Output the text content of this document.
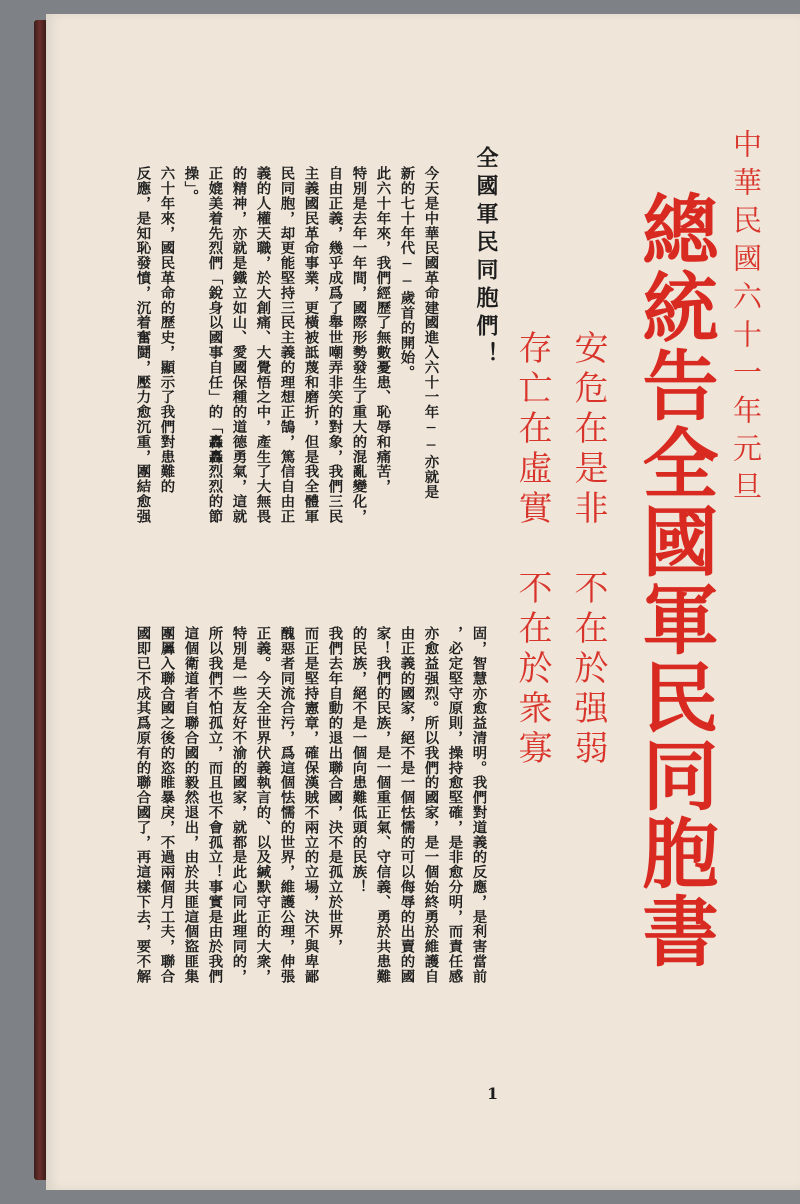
中華民國六十一年元旦
總統告全國軍民同胞書
安危在是非　不在於强弱
存亡在虛實　不在於衆寡
全國軍民同胞們！
今天是中華民國革命建國進入六十一年──亦就是
新的七十年代──歲首的開始。
此六十年來，我們經歷了無數憂患、恥辱和痛苦，
特別是去年一年間，國際形勢發生了重大的混亂變化，
自由正義，幾乎成爲了舉世嘲弄非笑的對象，我們三民
主義國民革命事業，更橫被詆蔑和磨折，但是我全體軍
民同胞，却更能堅持三民主義的理想正鵠，篤信自由正
義的人權天職，於大創痛、大覺悟之中，產生了大無畏
的精神，亦就是鐵立如山、愛國保種的道德勇氣，這就
正媲美着先烈們「銳身以國事自任」的「轟轟烈烈的節
操」。
六十年來，國民革命的歷史，顯示了我們對患難的
反應，是知恥發憤，沉着奮鬪，壓力愈沉重，團結愈强
固，智慧亦愈益清明。我們對道義的反應，是利害當前
，必定堅守原則，操持愈堅確，是非愈分明，而責任感
亦愈益强烈。所以我們的國家，是一個始終勇於維護自
由正義的國家，絕不是一個怯懦的可以侮辱的出賣的國
家！我們的民族，是一個重正氣、守信義、勇於共患難
的民族，絕不是一個向患難低頭的民族！
我們去年自動的退出聯合國，決不是孤立於世界，
而正是堅持憲章，確保漢賊不兩立的立場，決不與卑鄙
醜惡者同流合污，爲這個怯懦的世界，維護公理，伸張
正義。今天全世界伏義執言的、以及緘默守正的大衆，
特別是一些友好不渝的國家，就都是此心同此理同的，
所以我們不怕孤立，而且也不會孤立！事實是由於我們
這個衛道者自聯合國的毅然退出，由於共匪這個盜匪集
團羼入聯合國之後的恣睢暴戾，不過兩個月工夫，聯合
國即已不成其爲原有的聯合國了，再這樣下去，要不解
1
